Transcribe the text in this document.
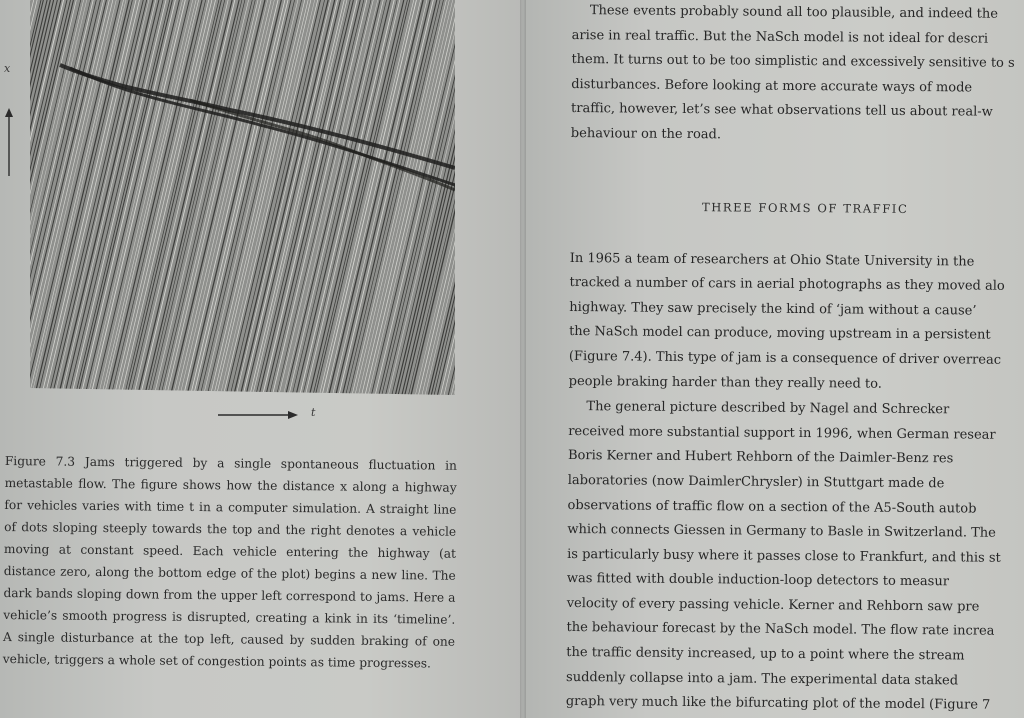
x
t

Figure 7.3 Jams triggered by a single spontaneous fluctuation in metastable flow. The figure shows how the distance x along a highway for vehicles varies with time t in a computer simulation. A straight line of dots sloping steeply towards the top and the right denotes a vehicle moving at constant speed. Each vehicle entering the highway (at distance zero, along the bottom edge of the plot) begins a new line. The dark bands sloping down from the upper left correspond to jams. Here a vehicle’s smooth progress is disrupted, creating a kink in its ‘timeline’. A single disturbance at the top left, caused by sudden braking of one vehicle, triggers a whole set of congestion points as time progresses.

These events probably sound all too plausible, and indeed the
arise in real traffic. But the NaSch model is not ideal for descri
them. It turns out to be too simplistic and excessively sensitive to s
disturbances. Before looking at more accurate ways of mode
traffic, however, let’s see what observations tell us about real-w
behaviour on the road.
THREE FORMS OF TRAFFIC
In 1965 a team of researchers at Ohio State University in the
tracked a number of cars in aerial photographs as they moved alo
highway. They saw precisely the kind of ‘jam without a cause’
the NaSch model can produce, moving upstream in a persistent
(Figure 7.4). This type of jam is a consequence of driver overreac
people braking harder than they really need to.
The general picture described by Nagel and Schrecker
received more substantial support in 1996, when German resear
Boris Kerner and Hubert Rehborn of the Daimler-Benz res
laboratories (now DaimlerChrysler) in Stuttgart made de
observations of traffic flow on a section of the A5-South autob
which connects Giessen in Germany to Basle in Switzerland. The
is particularly busy where it passes close to Frankfurt, and this st
was fitted with double induction-loop detectors to measur
velocity of every passing vehicle. Kerner and Rehborn saw pre
the behaviour forecast by the NaSch model. The flow rate increa
the traffic density increased, up to a point where the stream
suddenly collapse into a jam. The experimental data staked
graph very much like the bifurcating plot of the model (Figure 7
